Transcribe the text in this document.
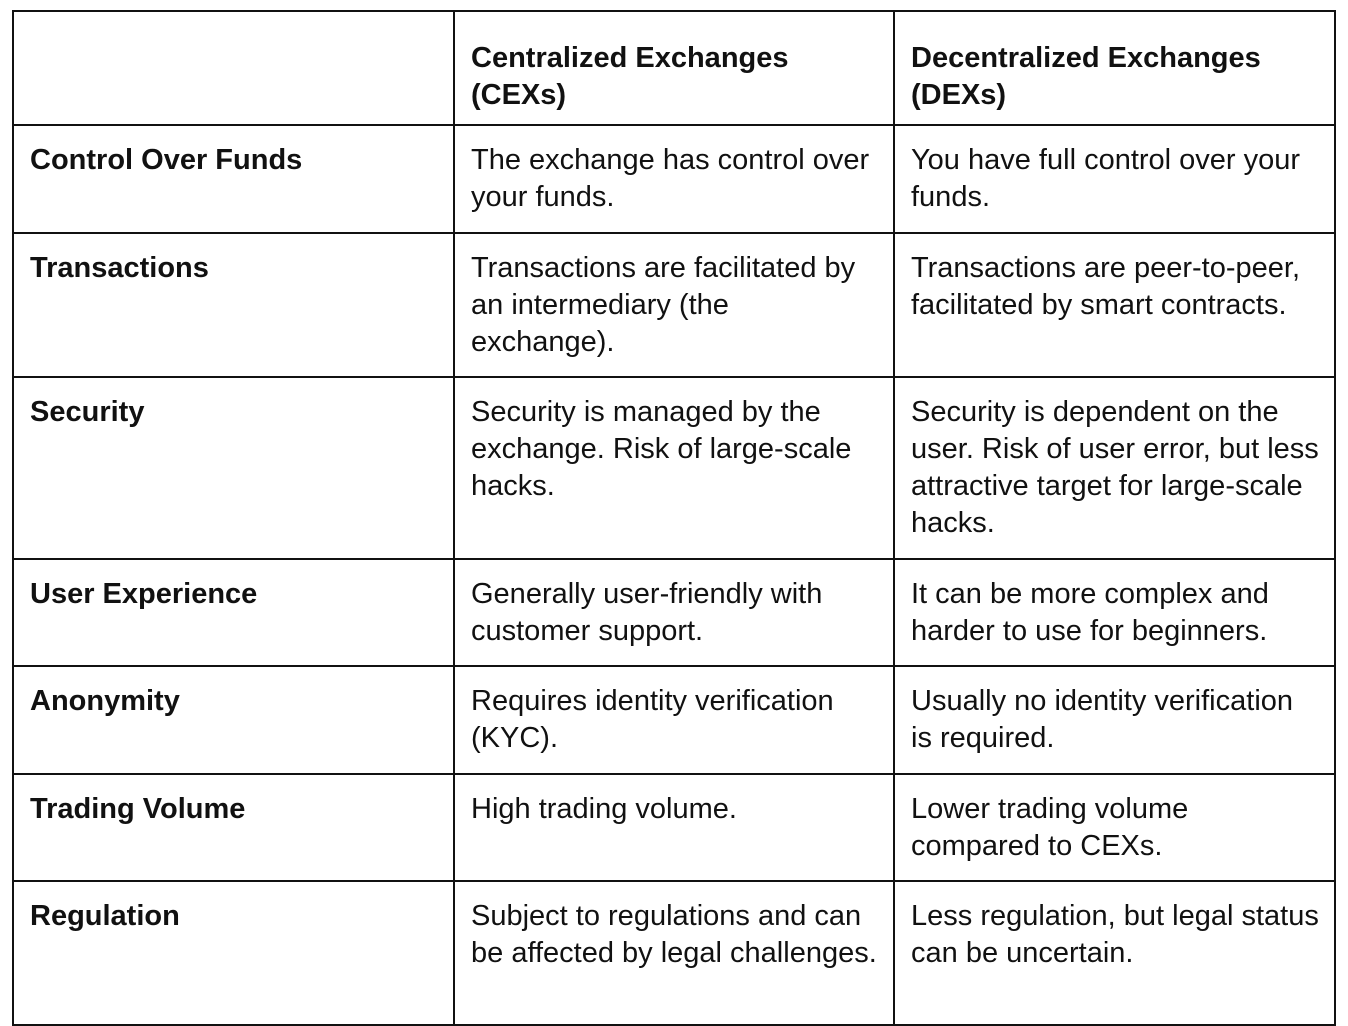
	Centralized Exchanges (CEXs)	Decentralized Exchanges (DEXs)
Control Over Funds	The exchange has control over your funds.	You have full control over your funds.
Transactions	Transactions are facilitated by an intermediary (the exchange).	Transactions are peer-to-peer, facilitated by smart contracts.
Security	Security is managed by the exchange. Risk of large-scale hacks.	Security is dependent on the user. Risk of user error, but less attractive target for large-scale hacks.
User Experience	Generally user-friendly with customer support.	It can be more complex and harder to use for beginners.
Anonymity	Requires identity verification (KYC).	Usually no identity verification is required.
Trading Volume	High trading volume.	Lower trading volume compared to CEXs.
Regulation	Subject to regulations and can be affected by legal challenges.	Less regulation, but legal status can be uncertain.
